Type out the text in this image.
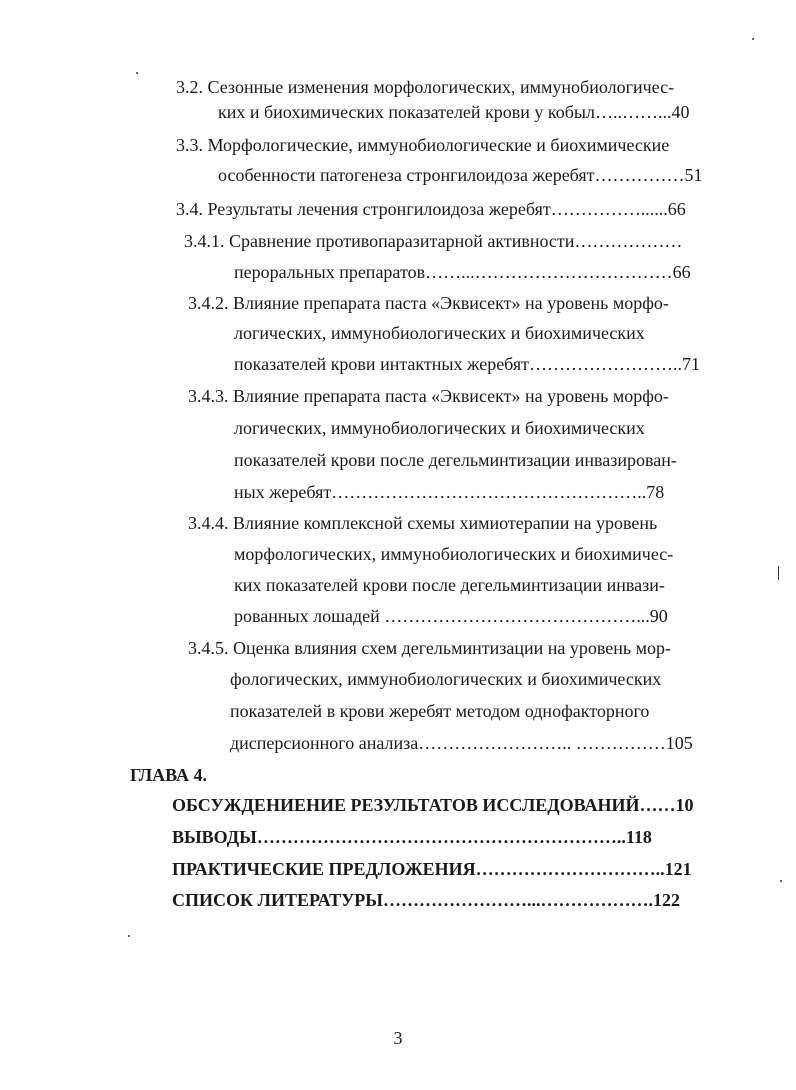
3.2. Сезонные изменения морфологических, иммунобиологичес-
ких и биохимических показателей крови у кобыл…..……...40
3.3. Морфологические, иммунобиологические и биохимические
особенности патогенеза стронгилоидоза жеребят……………51
3.4. Результаты лечения стронгилоидоза жеребят……………......66
3.4.1. Сравнение противопаразитарной активности………………
пероральных препаратов……...……………………………66
3.4.2. Влияние препарата паста «Эквисект» на уровень морфо-
логических, иммунобиологических и биохимических
показателей крови интактных жеребят……………………..71
3.4.3. Влияние препарата паста «Эквисект» на уровень морфо-
логических, иммунобиологических и биохимических
показателей крови после дегельминтизации инвазирован-
ных жеребят……………………………………………..78
3.4.4. Влияние комплексной схемы химиотерапии на уровень
морфологических, иммунобиологических и биохимичес-
ких показателей крови после дегельминтизации инвази-
рованных лошадей ……………………………………...90
3.4.5. Оценка влияния схем дегельминтизации на уровень мор-
фологических, иммунобиологических и биохимических
показателей в крови жеребят методом однофакторного
дисперсионного анализа…………………….. ……………105
ГЛАВА 4.
ОБСУЖДЕНИЕНИЕ РЕЗУЛЬТАТОВ ИССЛЕДОВАНИЙ……10
ВЫВОДЫ……………………………………………………..118
ПРАКТИЧЕСКИЕ ПРЕДЛОЖЕНИЯ…………………………..121
СПИСОК ЛИТЕРАТУРЫ……………………...……………….122
3
